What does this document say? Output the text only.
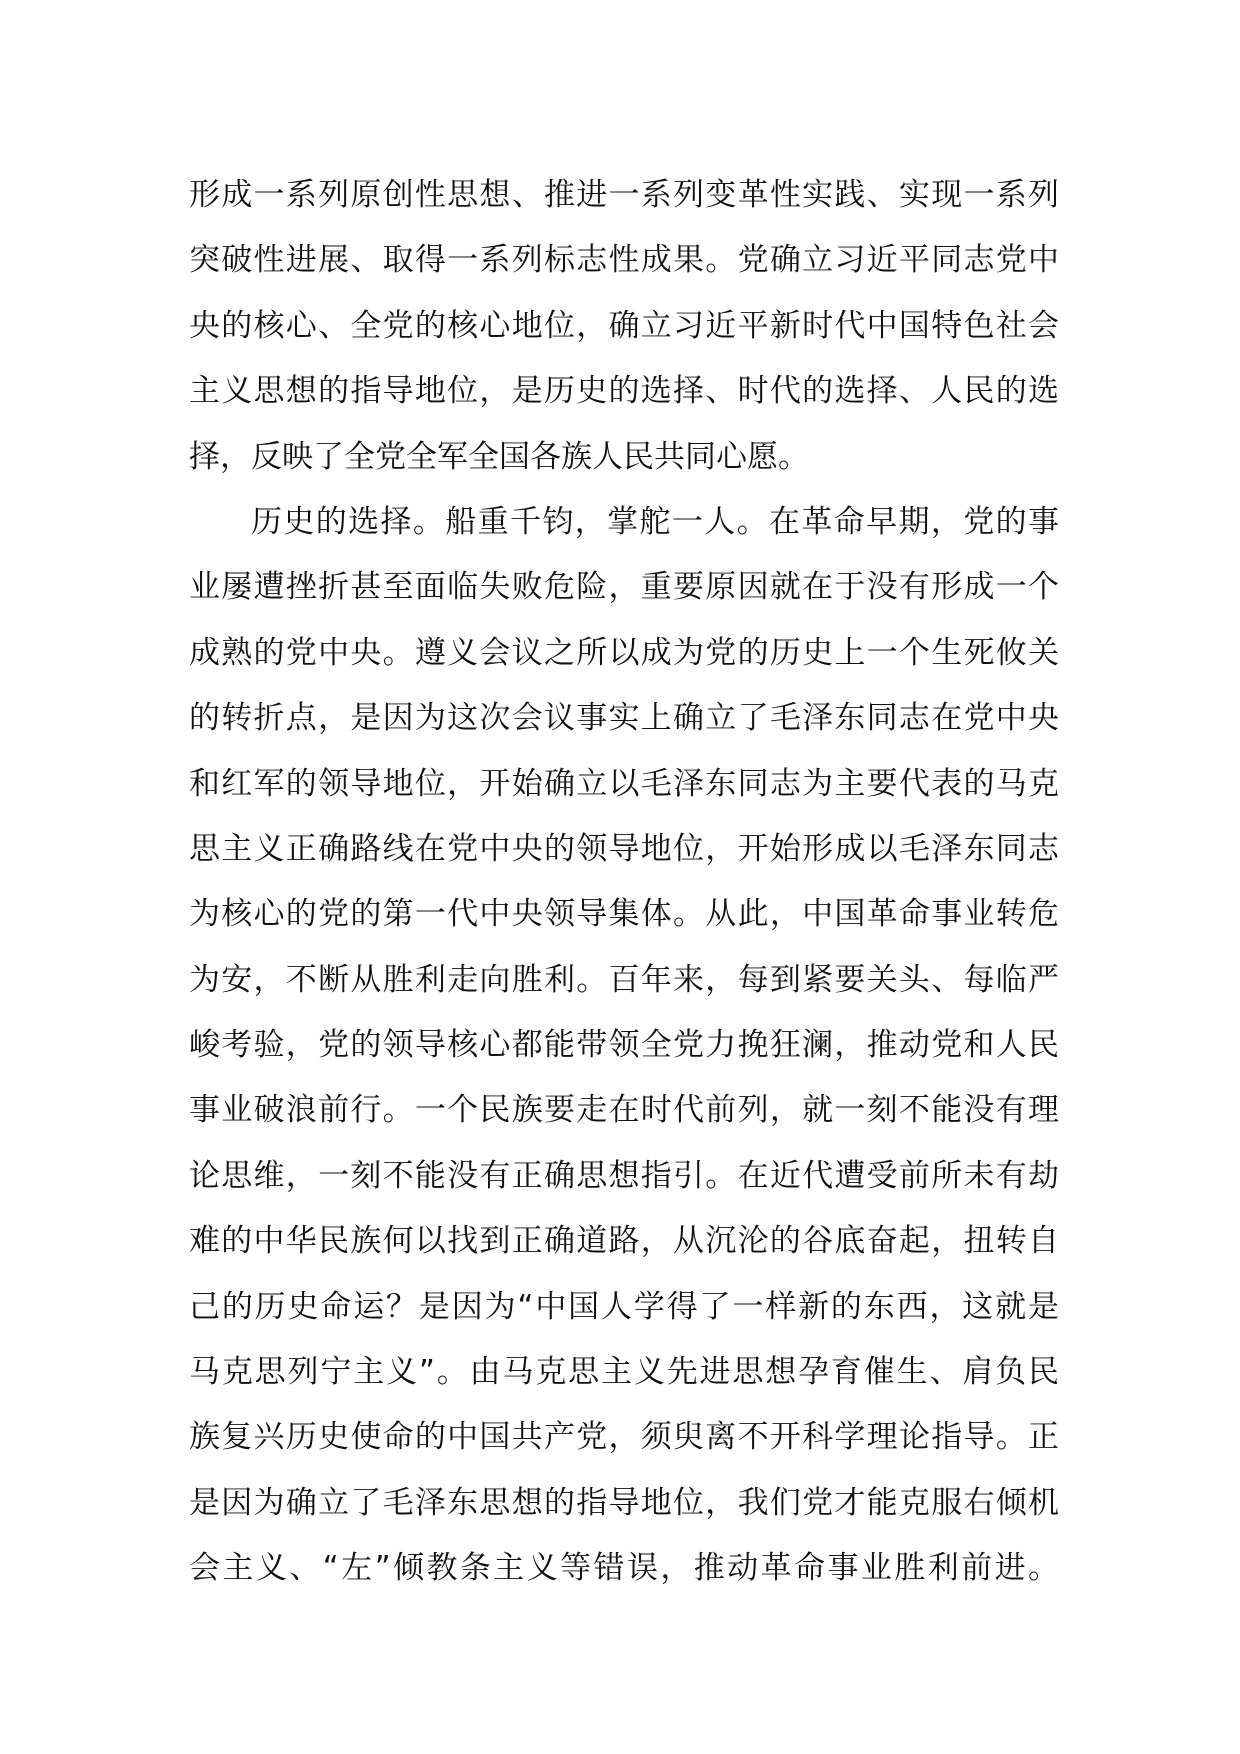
形成一系列原创性思想、推进一系列变革性实践、实现一系列
突破性进展、取得一系列标志性成果。党确立习近平同志党中
央的核心、全党的核心地位，确立习近平新时代中国特色社会
主义思想的指导地位，是历史的选择、时代的选择、人民的选
择，反映了全党全军全国各族人民共同心愿。
历史的选择。船重千钧，掌舵一人。在革命早期，党的事
业屡遭挫折甚至面临失败危险，重要原因就在于没有形成一个
成熟的党中央。遵义会议之所以成为党的历史上一个生死攸关
的转折点，是因为这次会议事实上确立了毛泽东同志在党中央
和红军的领导地位，开始确立以毛泽东同志为主要代表的马克
思主义正确路线在党中央的领导地位，开始形成以毛泽东同志
为核心的党的第一代中央领导集体。从此，中国革命事业转危
为安，不断从胜利走向胜利。百年来，每到紧要关头、每临严
峻考验，党的领导核心都能带领全党力挽狂澜，推动党和人民
事业破浪前行。一个民族要走在时代前列，就一刻不能没有理
论思维，一刻不能没有正确思想指引。在近代遭受前所未有劫
难的中华民族何以找到正确道路，从沉沦的谷底奋起，扭转自
己的历史命运？是因为“中国人学得了一样新的东西，这就是
马克思列宁主义”。由马克思主义先进思想孕育催生、肩负民
族复兴历史使命的中国共产党，须臾离不开科学理论指导。正
是因为确立了毛泽东思想的指导地位，我们党才能克服右倾机
会主义、“左”倾教条主义等错误，推动革命事业胜利前进。
